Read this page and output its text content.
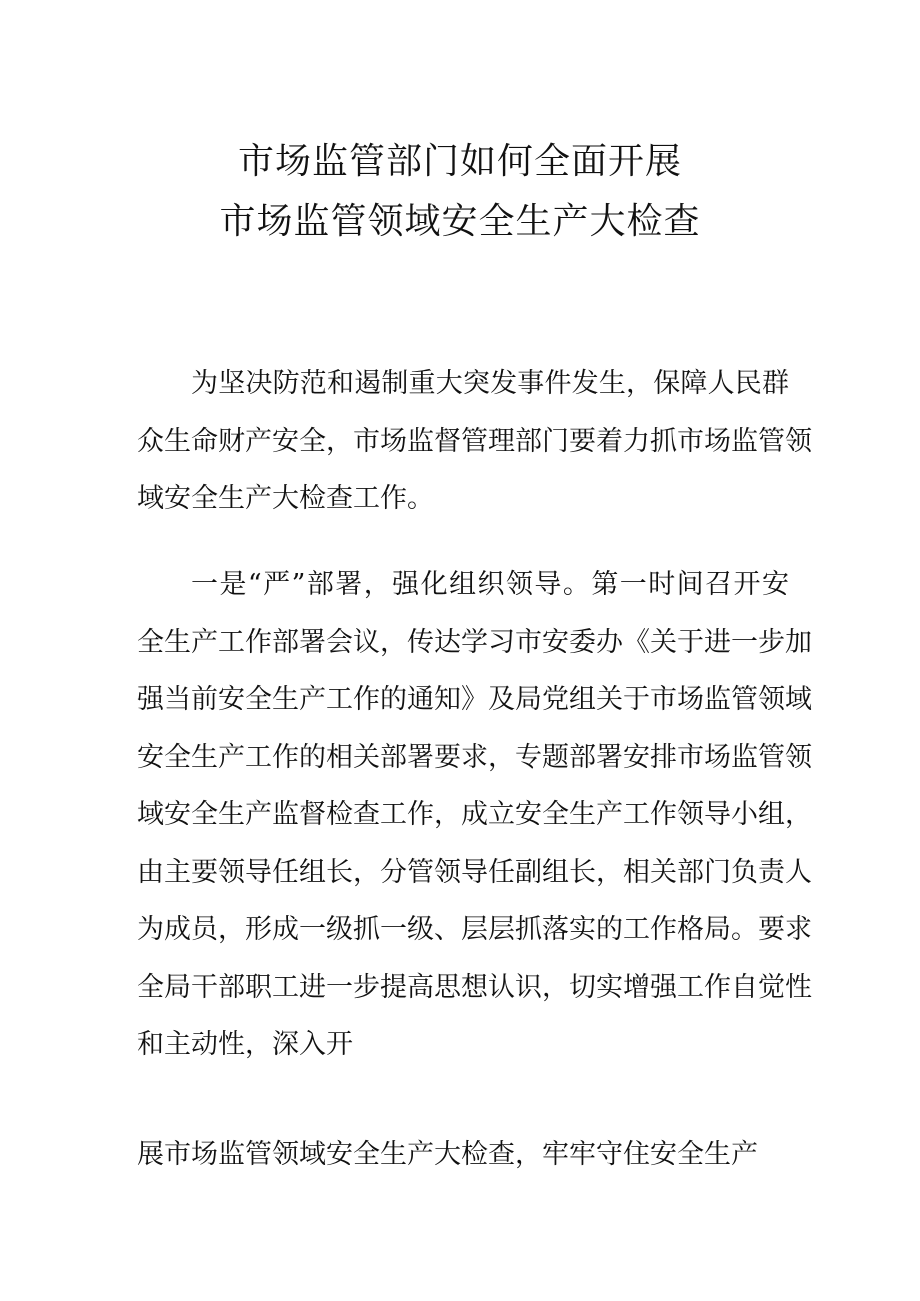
市场监管部门如何全面开展
市场监管领域安全生产大检查
为坚决防范和遏制重大突发事件发生，保障人民群
众生命财产安全，市场监督管理部门要着力抓市场监管领
域安全生产大检查工作。
一是“严”部署，强化组织领导。第一时间召开安
全生产工作部署会议，传达学习市安委办《关于进一步加
强当前安全生产工作的通知》及局党组关于市场监管领域
安全生产工作的相关部署要求，专题部署安排市场监管领
域安全生产监督检查工作，成立安全生产工作领导小组，
由主要领导任组长，分管领导任副组长，相关部门负责人
为成员，形成一级抓一级、层层抓落实的工作格局。要求
全局干部职工进一步提高思想认识，切实增强工作自觉性
和主动性，深入开
展市场监管领域安全生产大检查，牢牢守住安全生产
